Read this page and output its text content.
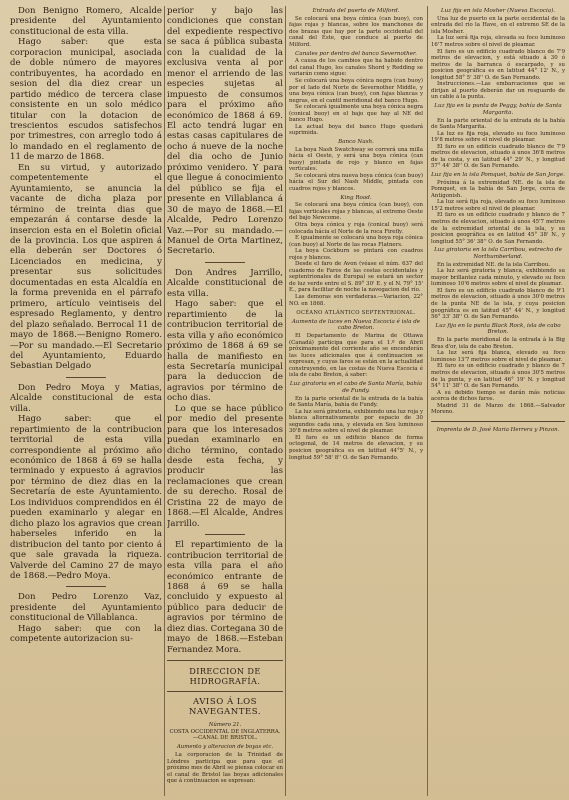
Don Benigno Romero, Alcalde presidente del Ayuntamiento constitucional de esta villa.

Hago saber: que esta corporacion municipal, asociada de doble número de mayores contribuyentes, ha acordado en sesion del dia diez crear un partido médico de tercera clase consistente en un solo médico titular con la dotacion de trescientos escudos satisfechos por trimestres, con arreglo todo á lo mandado en el reglamento de 11 de marzo de 1868.

En su virtud, y autorizado competentemente el Ayuntamiento, se anuncia la vacante de dicha plaza por término de treinta dias que empezarán á contarse desde la insercion esta en el Boletin oficial de la provincia. Los que aspiren á ella deberán ser Doctores ó Licenciados en medicina, y presentar sus solicitudes documentadas en esta Alcaldía en la forma prevenida en el párrafo primero, artículo veintiseis del espresado Reglamento, y dentro del plazo señalado. Berrocal 11 de mayo de 1868.—Benigno Romero.—Por su mandado.—El Secretario del Ayuntamiento, Eduardo Sebastian Delgado

Don Pedro Moya y Matias, Alcalde constitucional de esta villa.

Hago saber: que el repartimiento de la contribucion territorial de esta villa correspondiente al próximo año económico de 1868 á 69 se halla terminado y expuesto á agravios por término de diez dias en la Secretaría de este Ayuntamiento. Los individuos comprendidos en él pueden examinarlo y alegar en dicho plazo los agravios que crean haberseles inferido en la distribucion del tanto por ciento á que sale gravada la riqueza. Valverde del Camino 27 de mayo de 1868.—Pedro Moya.

Don Pedro Lorenzo Vaz, presidente del Ayuntamiento constitucional de Villablanca.

Hago saber: que con la competente autorizacion su-

perior y bajo las condiciones que constan del expediente respectivo se saca á pública subasta con la cualidad de la exclusiva venta al por menor el arriendo de las especies sujetas al impuesto de consumos para el próximo año económico de 1868 á 69. El acto tendrá lugar en estas casas capitulares de ocho á nueve de la noche del dia ocho de Junio próximo venidero. Y para que llegue á conocimiento del público se fija el presente en Villablanca á 30 de mayo de 1868.—El Alcalde, Pedro Lorenzo Vaz.—Por su mandado.—Manuel de Orta Martinez, Secretario.

Don Andres Jarrillo, Alcalde constitucional de esta villa.

Hago saber: que el repartimiento de la contribucion territorial de esta villa y año económico próximo de 1868 á 69 se halla de manifiesto en esta Secretaría municipal para la deduccion de agravios por término de ocho dias.

Lo que se hace público por medio del presente para que los interesados puedan examinarlo en dicho término, contado desde esta fecha, y producir las reclamaciones que crean de su derecho. Rosal de Cristina 22 de mayo de 1868.—El Alcalde, Andres Jarrillo.

El repartimiento de la contribucion territorial de esta villa para el año económico entrante de 1868 á 69 se halla concluido y expuesto al público para deducir de agravios por término de diez dias. Cortegana 30 de mayo de 1868.—Esteban Fernandez Mora.

DIRECCION DE HIDROGRAFÍA.
AVISO Á LOS NAVEGANTES.

Número 21.

COSTA OCCIDENTAL DE INGLATERRA.—CANAL DE BRISTOL.

Aumento y alteracion de boyas etc.

La corporacion de la Trinidad de Lóndres participa que para que el próximo mes de Abril se piensa colocar en el canal de Bristol las boyas adicionales que á continuacion se expresan:

Entrada del puerto de Milford.

Se colocará una boya cónica (can buoy), con fajas rojas y blancas, sobre los manchones de dos brazas que hay por la parte occidental del canal del Este, que conduce al puerto de Milford.

Canales por dentro del banco Severnother.

A causa de los cambios que ha habido dentro del canal Hugo, los canales Shord y Redding se variarán como sigue:

Se colocará una boya cónica negra (can buoy) por el lado del Norte de Severnother Middle, y una boya cónica (can buoy), con fajas blancas y negras, en el cantil meridional del banco Hugo.

Se colocará igualmente una boya cónica negra (conical buoy) en el bajo que hay al NE del banco Hugo.

La actual boya del banco Hugo quedará suprimida.

Banco Nash.

La boya Nash Swatchway se correrá una milla hácia el Oeste, y será una boya cónica (can buoy) pintada de rojo y blanco en fajas verticales.

Se colocará otra nueva boya cónica (can buoy) hácia el Sur del Nash Middle, pintada con cuadros rojos y blancos.

King Road.

Se colocará una boya cónica (can buoy), con fajas verticales rojas y blancas, al extremo Oeste del bajo Newcome.

Otra boya cónica y roja (conical buoy) será colocada hácia el Norte de la roca Firefly.

E igualmente se colocará una boya roja cónica (can buoy) al Norte de las rocas Flatners.

La boya Cockburn se pintará con cuadros rojos y blancos.

Desde el faro de Avon (véase el núm. 637 del cuaderno de Faros de las costas occidentales y septentrionales de Europa) se estará un sector de luz verde entre el S. 89° 30' E. y el N. 79° 15' E., para facilitar de noche la navegacion del río.

Las demoras son verdaderas.—Variacion, 22° NO. en 1868.

OCÉANO ATLÁNTICO SEPTENTRIONAL.

Aumento de luces en Nueva Escocia é isla de cabo Breton.

El Departamento de Marina de Ottawa (Canadá) participa que para el 1.º de Abril próximamente del corriente año se encenderán las luces adicionales que á continuacion se expresan, y cuyas faros se están en la actualidad construyendo, en las costas de Nueva Escocia é isla de cabo Breton, á saber:

Luz giratoria en el cabo de Santa María, bahía de Fundy.

En la parte oriental de la entrada de la bahía de Santa María, bahía de Fundy.

La luz será giratoria, exhibiendo una luz roja y blanca alternativamente por espacio de 30 segundos cada una, y elevada en Sou luminoso 30'8 metros sobre el nivel de pleamar.

El faro es un edificio blanco de forma octogonal, de 14 metros de elevacion, y su posicion geográfica es en latitud 44°5' N., y longitud 59° 58' 8'' O. de San Fernando.

Luz fija en isla Mosher (Nueva Escocia).

Una luz de puerto en la parte occidental de la entrada del río la Have, en el extremo SE de la isla Mosher.

La luz será fija roja, elevada su foco luminoso 16'7 metros sobre el nivel de pleamar.

El faro es un edificio cuadrado blanco de 7'9 metros de elevacion, y está situado á 30 ó metros de la barranca ó escarpado, y su posicion geográfica es en latitud 44° 12' N., y longitud 58° 5' 38'' O. de San Fernando.

Instrucciones.—Las embarcaciones que se dirijan al puerto deberán dar un resguardo de un cable á la punta.

Luz fija en la punta de Peggy, bahía de Santa Margarita.

En la parte oriental de la entrada de la bahía de Santa Margarita.

La luz es fija roja, elevado su foco luminoso 19'8 metros sobre el nivel de pleamar.

El faro es un edificio cuadrado blanco de 7'9 metros de elevacion, situado á unos 36'8 metros de la costa, y en latitud 44° 29' N., y longitud 57° 44' 38'' O. de San Fernando.

Luz fija en la isla Pomquet, bahía de San Jorge.

Próxima á la extremidad NE. de la isla de Pomquet, en la bahía de San Jorge, cerca de Antigonish.

La luz será fija roja, elevado su foco luminoso 15'2 metros sobre el nivel de pleamar.

El faro es un edificio cuadrado y blanco de 7 metros de elevacion, situado á unos 45'7 metros de la extremidad oriental de la isla, y su posicion geográfica es en latitud 45° 38' N., y longitud 55° 36' 38'' O. de San Fernando.

Luz giratoria en la isla Carribou, estrecho de Northumberland.

En la extremidad NE. de la isla Carribou.

La luz será giratoria y blanca, exhibiendo su mayor brillantez cada minuto, y elevado su foco luminoso 10'6 metros sobre el nivel de pleamar.

El faro es un edificio cuadrado blanco de 9'1 metros de elevacion, situado á unos 30'0 metros de la punta NE de la isla, y cuya posicion geográfica es en latitud 45° 44' N., y longitud 56° 33' 38'' O. de San Fernando.

Luz fija en la punta Black Rock, isla de cabo Breton.

En la parte meridional de la entrada á la Big Bras d'or, isla de cabo Breton.

La luz será fija blanca, elevado su foco luminoso 13'7 metros sobre el nivel de pleamar.

El faro es un edificio cuadrado y blanco de 7 metros de elevacion, situado á unos 30'5 metros de la punta, y en latitud 46° 19' N. y longitud 54° 11' 38'' O. de San Fernando.

A su debido tiempo se darán más noticias acerca de dichos faros.

Madrid 31 de Marzo de 1868.—Salvador Moreno.

Imprenta de D. José Maria Herrera y Pinzon.
